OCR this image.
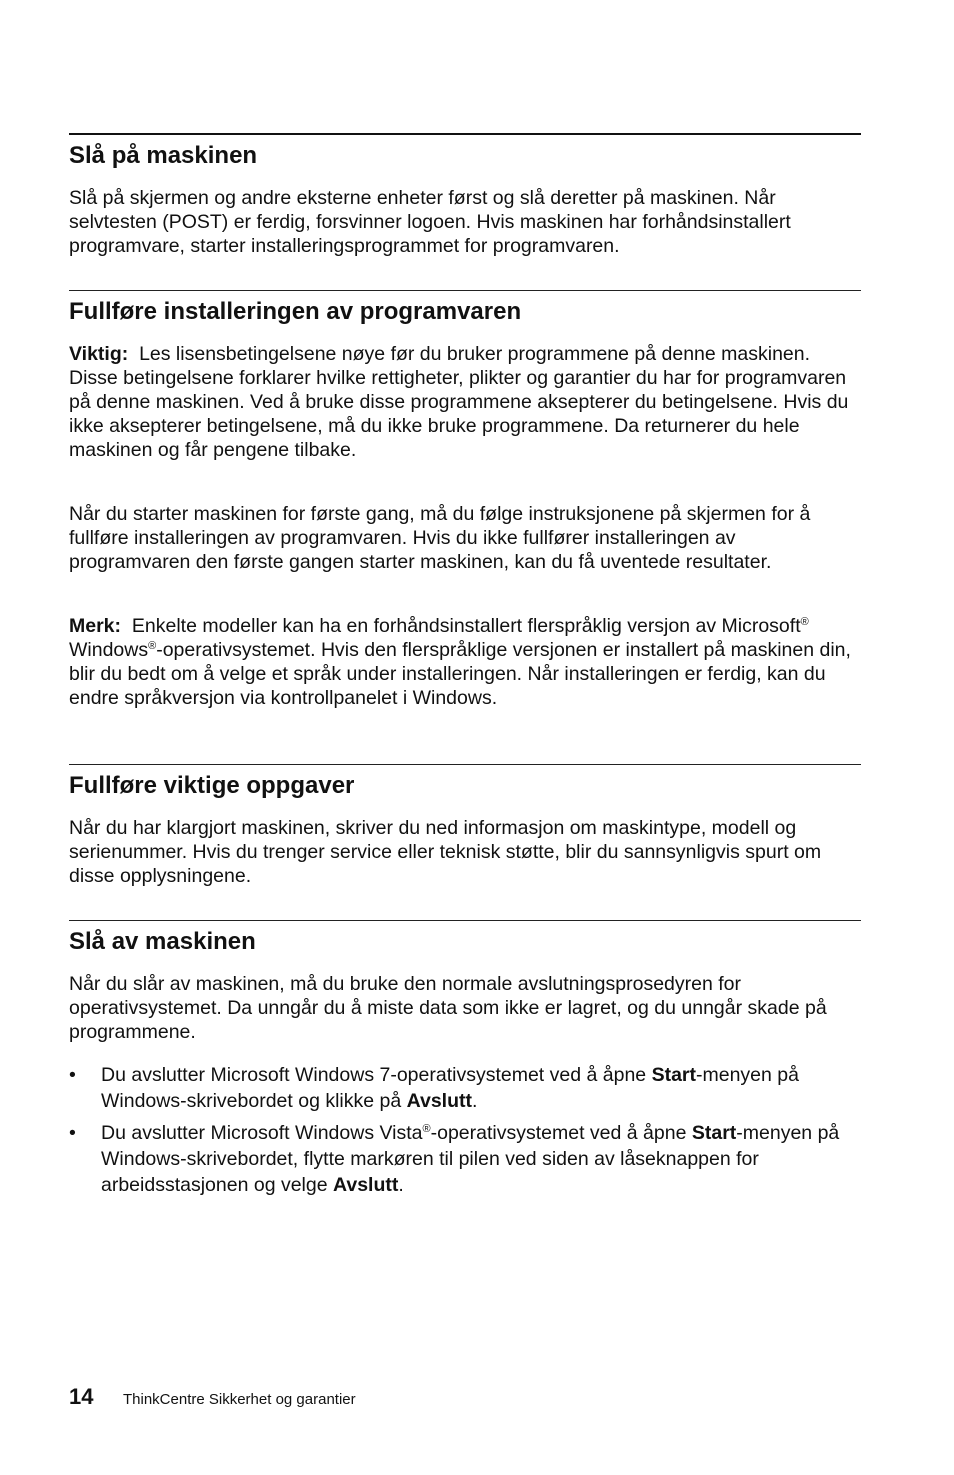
Slå på maskinen

Slå på skjermen og andre eksterne enheter først og slå deretter på maskinen. Når selvtesten (POST) er ferdig, forsvinner logoen. Hvis maskinen har forhåndsinstallert programvare, starter installeringsprogrammet for programvaren.

Fullføre installeringen av programvaren

Viktig: Les lisensbetingelsene nøye før du bruker programmene på denne maskinen. Disse betingelsene forklarer hvilke rettigheter, plikter og garantier du har for programvaren på denne maskinen. Ved å bruke disse programmene aksepterer du betingelsene. Hvis du ikke aksepterer betingelsene, må du ikke bruke programmene. Da returnerer du hele maskinen og får pengene tilbake.

Når du starter maskinen for første gang, må du følge instruksjonene på skjermen for å fullføre installeringen av programvaren. Hvis du ikke fullfører installeringen av programvaren den første gangen starter maskinen, kan du få uventede resultater.

Merk: Enkelte modeller kan ha en forhåndsinstallert flerspråklig versjon av Microsoft® Windows®-operativsystemet. Hvis den flerspråklige versjonen er installert på maskinen din, blir du bedt om å velge et språk under installeringen. Når installeringen er ferdig, kan du endre språkversjon via kontrollpanelet i Windows.

Fullføre viktige oppgaver

Når du har klargjort maskinen, skriver du ned informasjon om maskintype, modell og serienummer. Hvis du trenger service eller teknisk støtte, blir du sannsynligvis spurt om disse opplysningene.

Slå av maskinen

Når du slår av maskinen, må du bruke den normale avslutningsprosedyren for operativsystemet. Da unngår du å miste data som ikke er lagret, og du unngår skade på programmene.

• Du avslutter Microsoft Windows 7-operativsystemet ved å åpne Start-menyen på Windows-skrivebordet og klikke på Avslutt.
• Du avslutter Microsoft Windows Vista®-operativsystemet ved å åpne Start-menyen på Windows-skrivebordet, flytte markøren til pilen ved siden av låseknappen for arbeidsstasjonen og velge Avslutt.
14	ThinkCentre Sikkerhet og garantier
